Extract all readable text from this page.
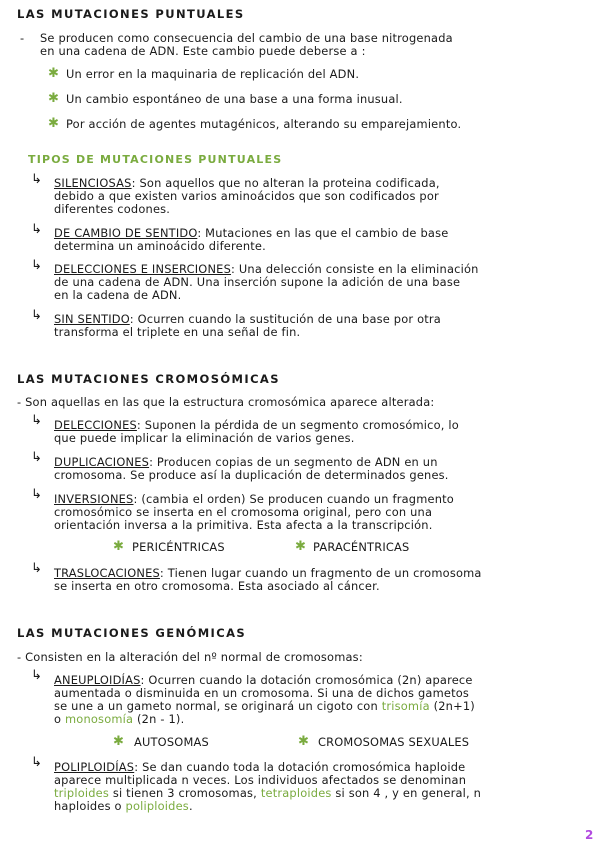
LAS MUTACIONES PUNTUALES
- Se producen como consecuencia del cambio de una base nitrogenada
en una cadena de ADN. Este cambio puede deberse a :
✱ Un error en la maquinaria de replicación del ADN.
✱ Un cambio espontáneo de una base a una forma inusual.
✱ Por acción de agentes mutagénicos, alterando su emparejamiento.
TIPOS DE MUTACIONES PUNTUALES
↳ SILENCIOSAS: Son aquellos que no alteran la proteina codificada,
debido a que existen varios aminoácidos que son codificados por
diferentes codones.
↳ DE CAMBIO DE SENTIDO: Mutaciones en las que el cambio de base
determina un aminoácido diferente.
↳ DELECCIONES E INSERCIONES: Una delección consiste en la eliminación
de una cadena de ADN. Una inserción supone la adición de una base
en la cadena de ADN.
↳ SIN SENTIDO: Ocurren cuando la sustitución de una base por otra
transforma el triplete en una señal de fin.
LAS MUTACIONES CROMOSÓMICAS
- Son aquellas en las que la estructura cromosómica aparece alterada:
↳ DELECCIONES: Suponen la pérdida de un segmento cromosómico, lo
que puede implicar la eliminación de varios genes.
↳ DUPLICACIONES: Producen copias de un segmento de ADN en un
cromosoma. Se produce así la duplicación de determinados genes.
↳ INVERSIONES: (cambia el orden) Se producen cuando un fragmento
cromosómico se inserta en el cromosoma original, pero con una
orientación inversa a la primitiva. Esta afecta a la transcripción.
✱ PERICÉNTRICAS	✱ PARACÉNTRICAS
↳ TRASLOCACIONES: Tienen lugar cuando un fragmento de un cromosoma
se inserta en otro cromosoma. Esta asociado al cáncer.
LAS MUTACIONES GENÓMICAS
- Consisten en la alteración del nº normal de cromosomas:
↳ ANEUPLOIDÍAS: Ocurren cuando la dotación cromosómica (2n) aparece
aumentada o disminuida en un cromosoma. Si una de dichos gametos
se une a un gameto normal, se originará un cigoto con trisomía (2n+1)
o monosomía (2n - 1).
✱ AUTOSOMAS	✱ CROMOSOMAS SEXUALES
↳ POLIPLOIDÍAS: Se dan cuando toda la dotación cromosómica haploide
aparece multiplicada n veces. Los individuos afectados se denominan
triploides si tienen 3 cromosomas, tetraploides si son 4 , y en general, n
haploides o poliploides.
2
